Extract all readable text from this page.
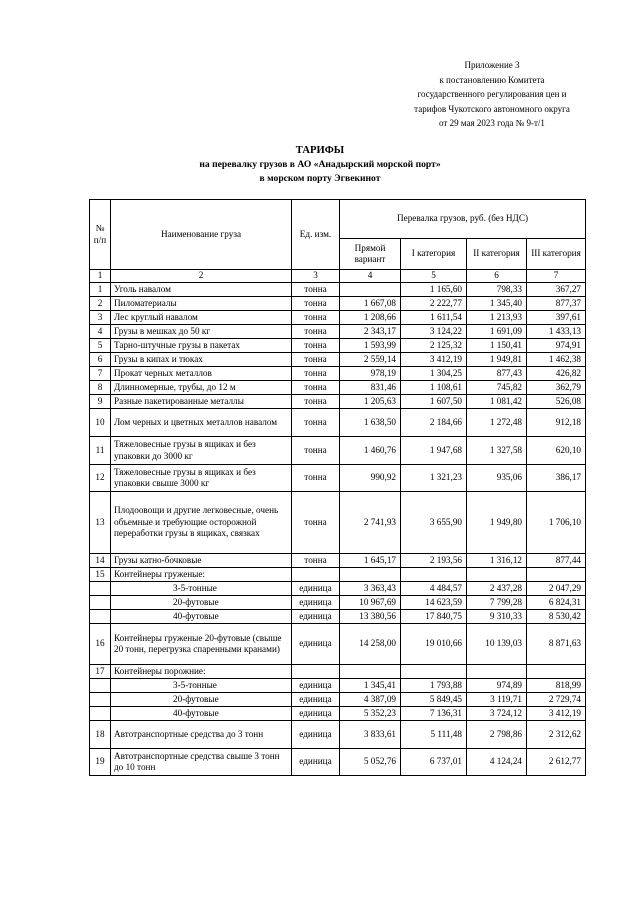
Приложение 3
к постановлению Комитета
государственного регулирования цен и
тарифов Чукотского автономного округа
от 29 мая 2023 года № 9-т/1
ТАРИФЫ
на перевалку грузов в АО «Анадырский морской порт»
в морском порту Эгвекинот
№ п/п	Наименование груза	Ед. изм.	Перевалка грузов, руб. (без НДС)			
			Прямой вариант	I категория	II категория	III категория
1	2	3	4	5	6	7
1	Уголь навалом	тонна		1 165,60	798,33	367,27
2	Пиломатериалы	тонна	1 667,08	2 222,77	1 345,40	877,37
3	Лес круглый навалом	тонна	1 208,66	1 611,54	1 213,93	397,61
4	Грузы в мешках до 50 кг	тонна	2 343,17	3 124,22	1 691,09	1 433,13
5	Тарно-штучные грузы в пакетах	тонна	1 593,99	2 125,32	1 150,41	974,91
6	Грузы в кипах и тюках	тонна	2 559,14	3 412,19	1 949,81	1 462,38
7	Прокат черных металлов	тонна	978,19	1 304,25	877,43	426,82
8	Длинномерные, трубы, до 12 м	тонна	831,46	1 108,61	745,82	362,79
9	Разные пакетированные металлы	тонна	1 205,63	1 607,50	1 081,42	526,08
10	Лом черных и цветных металлов навалом	тонна	1 638,50	2 184,66	1 272,48	912,18
11	Тяжеловесные грузы в ящиках и без упаковки до 3000 кг	тонна	1 460,76	1 947,68	1 327,58	620,10
12	Тяжеловесные грузы в ящиках и без упаковки свыше 3000 кг	тонна	990,92	1 321,23	935,06	386,17
13	Плодоовощи и другие легковесные, очень объемные и требующие осторожной переработки грузы в ящиках, связках	тонна	2 741,93	3 655,90	1 949,80	1 706,10
14	Грузы катно-бочковые	тонна	1 645,17	2 193,56	1 316,12	877,44
15	Контейнеры груженые:					
	3-5-тонные	единица	3 363,43	4 484,57	2 437,28	2 047,29
	20-футовые	единица	10 967,69	14 623,59	7 799,28	6 824,31
	40-футовые	единица	13 380,56	17 840,75	9 310,33	8 530,42
16	Контейнеры груженые 20-футовые (свыше 20 тонн, перегрузка спаренными кранами)	единица	14 258,00	19 010,66	10 139,03	8 871,63
17	Контейнеры порожние:					
	3-5-тонные	единица	1 345,41	1 793,88	974,89	818,99
	20-футовые	единица	4 387,09	5 849,45	3 119,71	2 729,74
	40-футовые	единица	5 352,23	7 136,31	3 724,12	3 412,19
18	Автотранспортные средства до 3 тонн	единица	3 833,61	5 111,48	2 798,86	2 312,62
19	Автотранспортные средства свыше 3 тонн до 10 тонн	единица	5 052,76	6 737,01	4 124,24	2 612,77
